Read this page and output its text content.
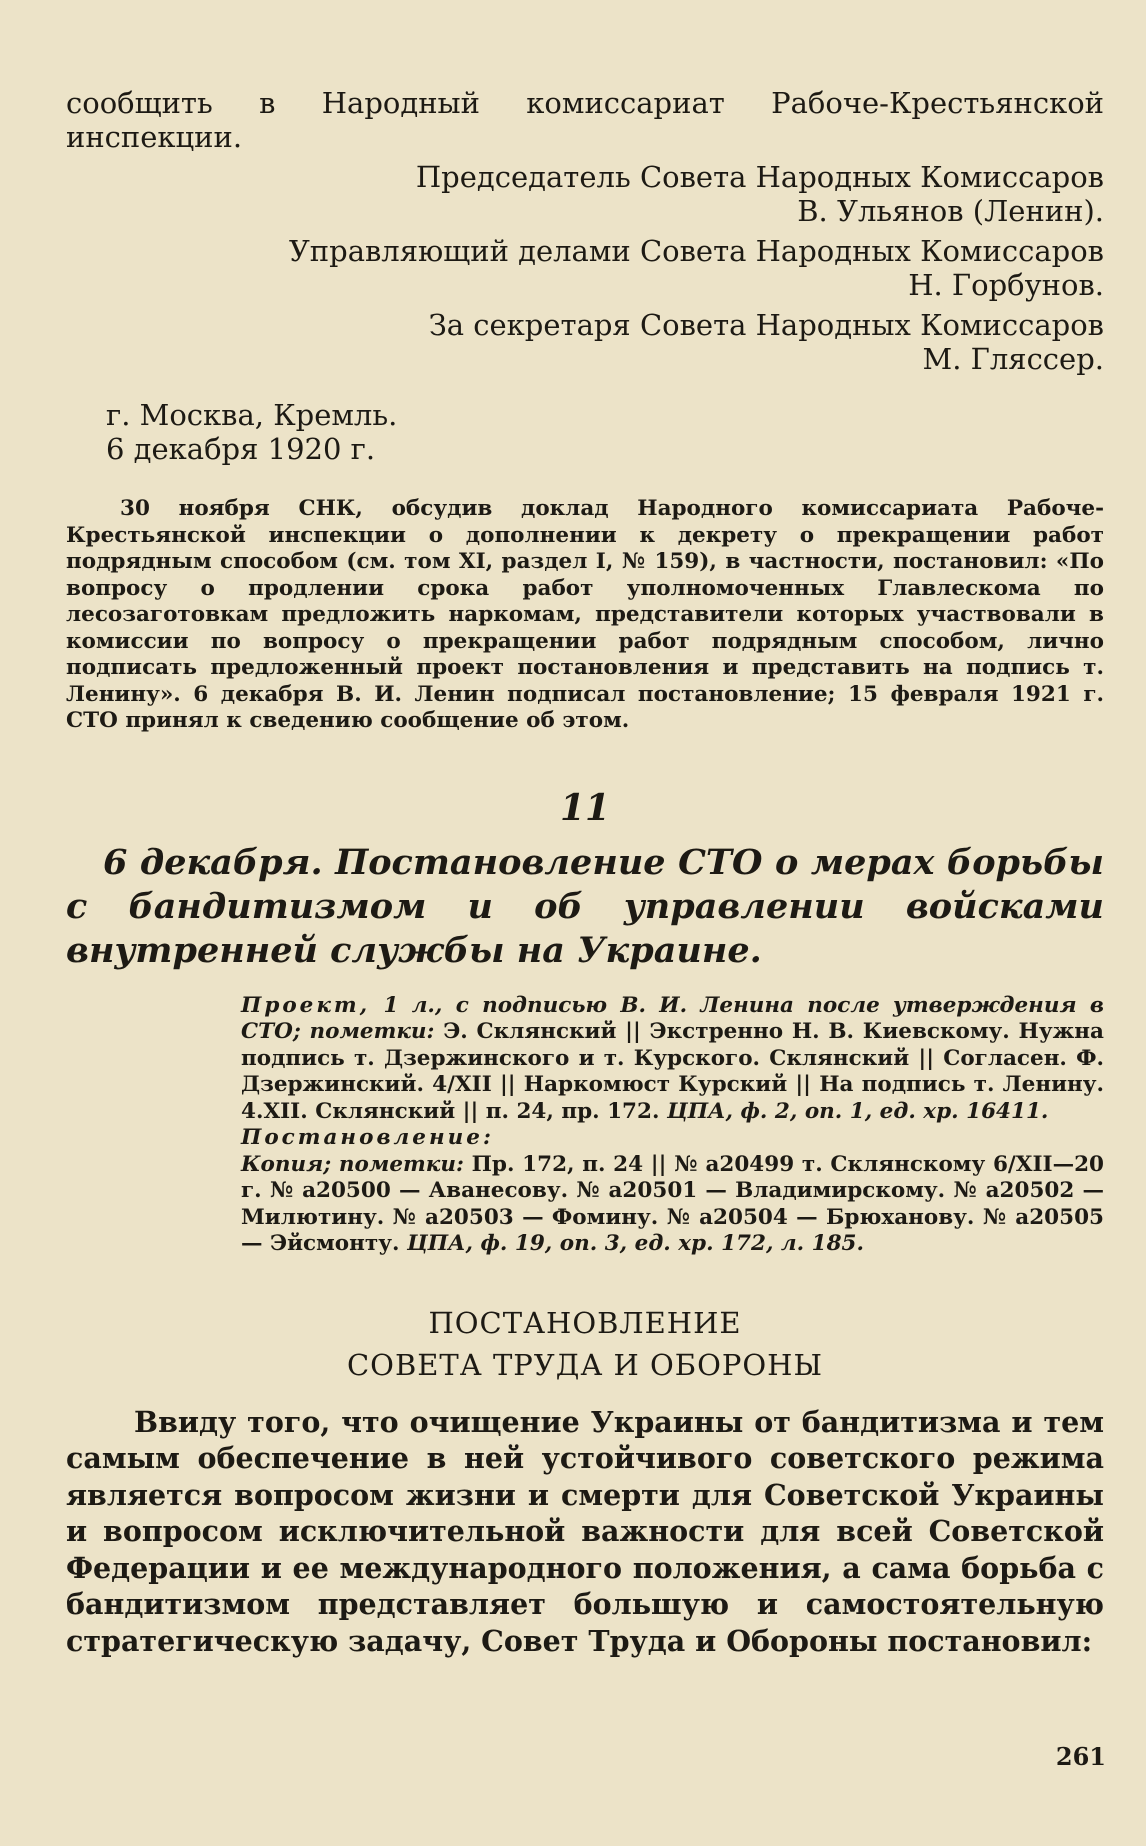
сообщить в Народный комиссариат Рабоче-Крестьянской инспекции.

Председатель Совета Народных Комиссаров

В. Ульянов (Ленин).

Управляющий делами Совета Народных Комиссаров

Н. Горбунов.

За секретаря Совета Народных Комиссаров

М. Гляссер.

г. Москва, Кремль.

6 декабря 1920 г.

30 ноября СНК, обсудив доклад Народного комиссариата Рабоче-Крестьянской инспекции о дополнении к декрету о прекращении работ подрядным способом (см. том XI, раздел I, № 159), в частности, постановил: «По вопросу о продлении срока работ уполномоченных Главлескома по лесозаготовкам предложить наркомам, представители которых участвовали в комиссии по вопросу о прекращении работ подрядным способом, лично подписать предложенный проект постановления и представить на подпись т. Ленину». 6 декабря В. И. Ленин подписал постановление; 15 февраля 1921 г. СТО принял к сведению сообщение об этом.

11

6 декабря. Постановление СТО о мерах борьбы с бандитизмом и об управлении войсками внутренней службы на Украине.

Проект, 1 л., с подписью В. И. Ленина после утверждения в СТО; пометки: Э. Склянский || Экстренно Н. В. Киевскому. Нужна подпись т. Дзержинского и т. Курского. Склянский || Согласен. Ф. Дзержинский. 4/XII || Наркомюст Курский || На подпись т. Ленину. 4.XII. Склянский || п. 24, пр. 172. ЦПА, ф. 2, оп. 1, ед. хр. 16411.

Постановление:

Копия; пометки: Пр. 172, п. 24 || № а20499 т. Склянскому 6/XII—20 г. № а20500 — Аванесову. № а20501 — Владимирскому. № а20502 — Милютину. № а20503 — Фомину. № а20504 — Брюханову. № а20505 — Эйсмонту. ЦПА, ф. 19, оп. 3, ед. хр. 172, л. 185.

ПОСТАНОВЛЕНИЕ

СОВЕТА ТРУДА И ОБОРОНЫ

Ввиду того, что очищение Украины от бандитизма и тем самым обеспечение в ней устойчивого советского режима является вопросом жизни и смерти для Советской Украины и вопросом исключительной важности для всей Советской Федерации и ее международного положения, а сама борьба с бандитизмом представляет большую и самостоятельную стратегическую задачу, Совет Труда и Обороны постановил:

261
